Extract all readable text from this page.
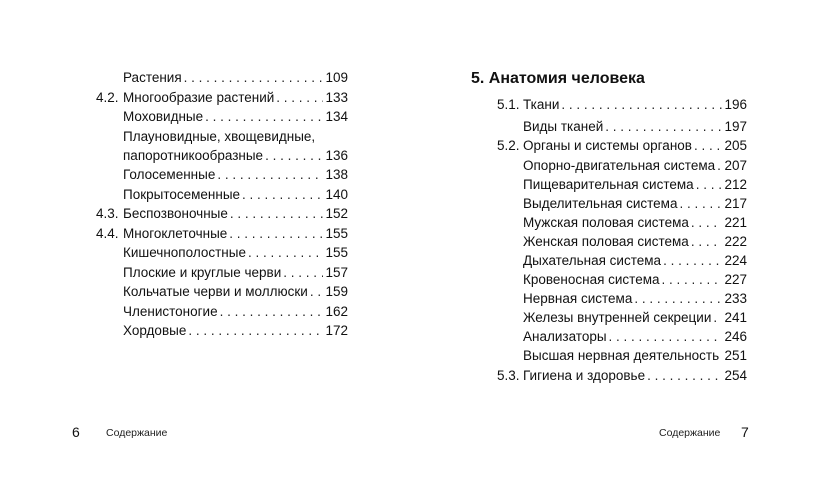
Растения . . .	109
4.2. Многообразие растений . . .	133
Моховидные . . .	134
Плауновидные, хвощевидные,
папоротникообразные . . .	136
Голосеменные . . .	138
Покрытосеменные . . .	140
4.3. Беспозвоночные . . .	152
4.4. Многоклеточные . . .	155
Кишечнополостные . . .	155
Плоские и круглые черви . . .	157
Кольчатые черви и моллюски . . . 159
Членистоногие . . .	162
Хордовые . . .	172
6 Содержание
5. Анатомия человека
5.1. Ткани . . .	196
Виды тканей . . .	197
5.2. Органы и системы органов . . . 205
Опорно-двигательная система . . . 207
Пищеварительная система . . . 212
Выделительная система . . .	217
Мужская половая система . . .	221
Женская половая система . . .	222
Дыхательная система . . .	224
Кровеносная система . . .	227
Нервная система . . .	233
Железы внутренней секреции . . . 241
Анализаторы . . .	246
Высшая нервная деятельность . . . 251
5.3. Гигиена и здоровье . . .	254
Содержание 7
